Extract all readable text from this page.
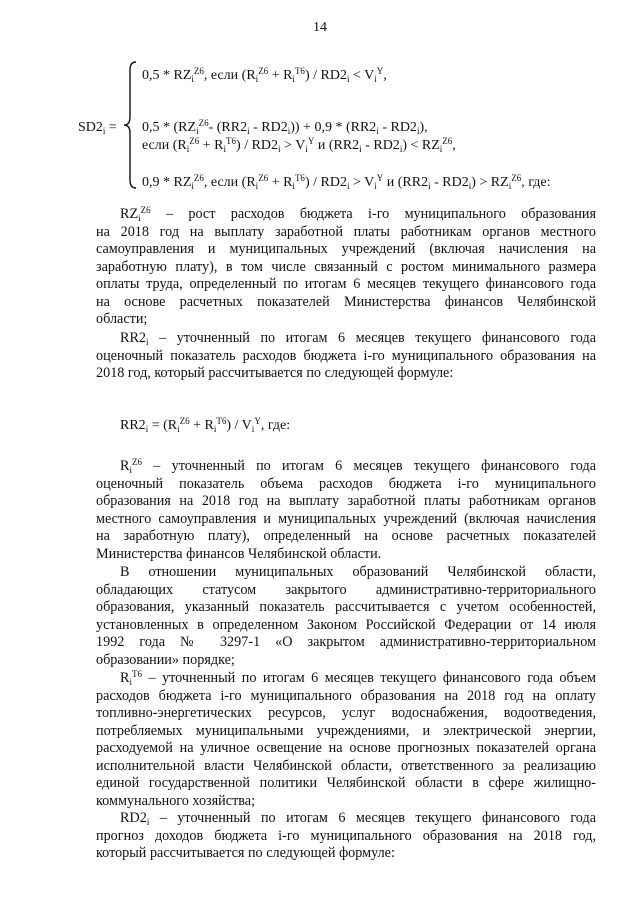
14
$SD2_i$ =
$0,5 * RZ_i^{Z6}$, если $(R_i^{Z6} + R_i^{T6}) / RD2_i < V_i^Y$,
$0,5 * (RZ_i^{Z6}-$ $(RR2_i - RD2_i)) + 0,9 * (RR2_i - RD2_i)$,
если $(R_i^{Z6} + R_i^{T6}) / RD2_i > V_i^Y$ и $(RR2_i - RD2_i) < RZ_i^{Z6}$,
$0,9 * RZ_i^{Z6}$, если $(R_i^{Z6} + R_i^{T6}) / RD2_i > V_i^Y$ и $(RR2_i - RD2_i) > RZ_i^{Z6}$, где:

$RZ_i^{Z6}$ – рост расходов бюджета i-го муниципального образования

на 2018 год на выплату заработной платы работникам органов местного

самоуправления и муниципальных учреждений (включая начисления на

заработную плату), в том числе связанный с ростом минимального размера

оплаты труда, определенный по итогам 6 месяцев текущего финансового года

на основе расчетных показателей Министерства финансов Челябинской

области;

$RR2_i$ – уточненный по итогам 6 месяцев текущего финансового года

оценочный показатель расходов бюджета i-го муниципального образования на

2018 год, который рассчитывается по следующей формуле:

$RR2_i = (R_i^{Z6} + R_i^{T6}) / V_i^Y$, где:

$R_i^{Z6}$ – уточненный по итогам 6 месяцев текущего финансового года

оценочный показатель объема расходов бюджета i-го муниципального

образования на 2018 год на выплату заработной платы работникам органов

местного самоуправления и муниципальных учреждений (включая начисления

на заработную плату), определенный на основе расчетных показателей

Министерства финансов Челябинской области.

В отношении муниципальных образований Челябинской области,

обладающих статусом закрытого административно-территориального

образования, указанный показатель рассчитывается с учетом особенностей,

установленных в определенном Законом Российской Федерации от 14 июля

1992 года № 3297-1 «О закрытом административно-территориальном

образовании» порядке;

$R_i^{T6}$ – уточненный по итогам 6 месяцев текущего финансового года объем

расходов бюджета i-го муниципального образования на 2018 год на оплату

топливно-энергетических ресурсов, услуг водоснабжения, водоотведения,

потребляемых муниципальными учреждениями, и электрической энергии,

расходуемой на уличное освещение на основе прогнозных показателей органа

исполнительной власти Челябинской области, ответственного за реализацию

единой государственной политики Челябинской области в сфере жилищно-

коммунального хозяйства;

$RD2_i$ – уточненный по итогам 6 месяцев текущего финансового года

прогноз доходов бюджета i-го муниципального образования на 2018 год,

который рассчитывается по следующей формуле:
